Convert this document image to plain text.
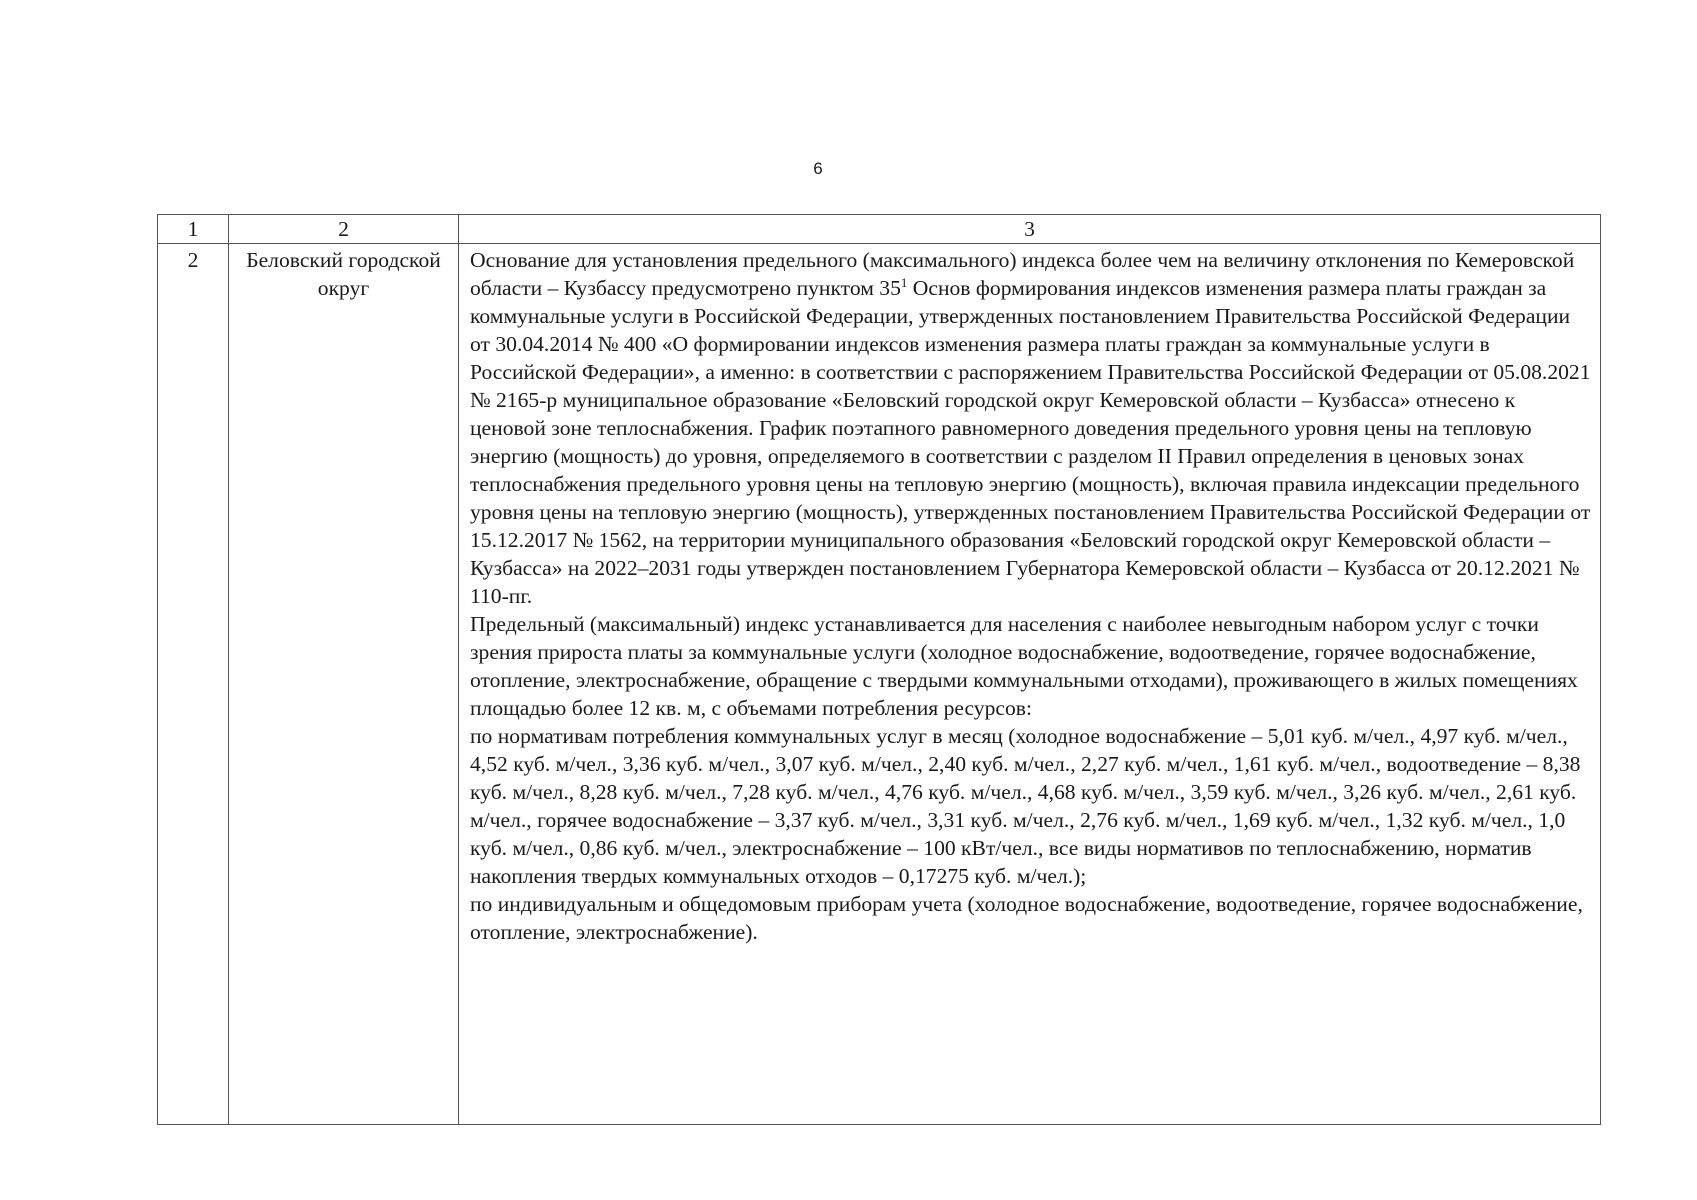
6
1	2	3
2	Беловский городской округ	Основание для установления предельного (максимального) индекса более чем на величину отклонения по Кемеровской области – Кузбассу предусмотрено пунктом $35^1$ Основ формирования индексов изменения размера платы граждан за коммунальные услуги в Российской Федерации, утвержденных постановлением Правительства Российской Федерации от 30.04.2014 № 400 «О формировании индексов изменения размера платы граждан за коммунальные услуги в Российской Федерации», а именно: в соответствии с распоряжением Правительства Российской Федерации от 05.08.2021 № 2165-р муниципальное образование «Беловский городской округ Кемеровской области – Кузбасса» отнесено к ценовой зоне теплоснабжения. График поэтапного равномерного доведения предельного уровня цены на тепловую энергию (мощность) до уровня, определяемого в соответствии с разделом II Правил определения в ценовых зонах теплоснабжения предельного уровня цены на тепловую энергию (мощность), включая правила индексации предельного уровня цены на тепловую энергию (мощность), утвержденных постановлением Правительства Российской Федерации от 15.12.2017 № 1562, на территории муниципального образования «Беловский городской округ Кемеровской области – Кузбасса» на 2022–2031 годы утвержден постановлением Губернатора Кемеровской области – Кузбасса от 20.12.2021 № 110-пг.

Предельный (максимальный) индекс устанавливается для населения с наиболее невыгодным набором услуг с точки зрения прироста платы за коммунальные услуги (холодное водоснабжение, водоотведение, горячее водоснабжение, отопление, электроснабжение, обращение с твердыми коммунальными отходами), проживающего в жилых помещениях площадью более 12 кв. м, с объемами потребления ресурсов:

по нормативам потребления коммунальных услуг в месяц (холодное водоснабжение – 5,01 куб. м/чел., 4,97 куб. м/чел., 4,52 куб. м/чел., 3,36 куб. м/чел., 3,07 куб. м/чел., 2,40 куб. м/чел., 2,27 куб. м/чел., 1,61 куб. м/чел., водоотведение – 8,38 куб. м/чел., 8,28 куб. м/чел., 7,28 куб. м/чел., 4,76 куб. м/чел., 4,68 куб. м/чел., 3,59 куб. м/чел., 3,26 куб. м/чел., 2,61 куб. м/чел., горячее водоснабжение – 3,37 куб. м/чел., 3,31 куб. м/чел., 2,76 куб. м/чел., 1,69 куб. м/чел., 1,32 куб. м/чел., 1,0 куб. м/чел., 0,86 куб. м/чел., электроснабжение – 100 кВт/чел., все виды нормативов по теплоснабжению, норматив накопления твердых коммунальных отходов – 0,17275 куб. м/чел.);

по индивидуальным и общедомовым приборам учета (холодное водоснабжение, водоотведение, горячее водоснабжение, отопление, электроснабжение).
